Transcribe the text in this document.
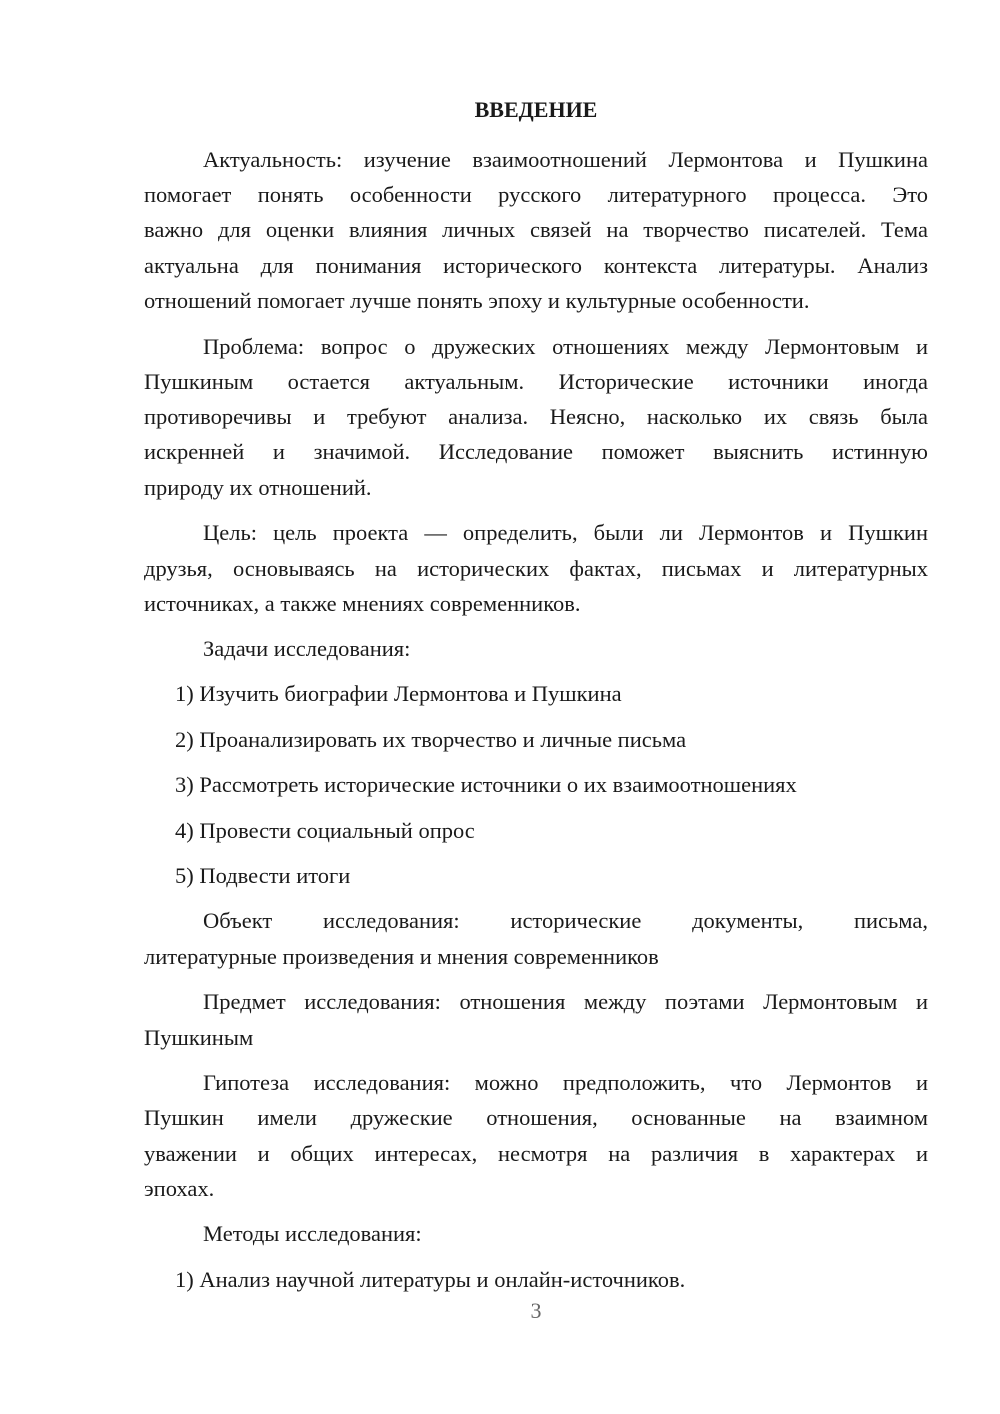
ВВЕДЕНИЕ
Актуальность: изучение взаимоотношений Лермонтова и Пушкина
помогает понять особенности русского литературного процесса. Это
важно для оценки влияния личных связей на творчество писателей. Тема
актуальна для понимания исторического контекста литературы. Анализ
отношений помогает лучше понять эпоху и культурные особенности.
Проблема: вопрос о дружеских отношениях между Лермонтовым и
Пушкиным остается актуальным. Исторические источники иногда
противоречивы и требуют анализа. Неясно, насколько их связь была
искренней и значимой. Исследование поможет выяснить истинную
природу их отношений.
Цель: цель проекта — определить, были ли Лермонтов и Пушкин
друзья, основываясь на исторических фактах, письмах и литературных
источниках, а также мнениях современников.
Задачи исследования:
1) Изучить биографии Лермонтова и Пушкина
2) Проанализировать их творчество и личные письма
3) Рассмотреть исторические источники о их взаимоотношениях
4) Провести социальный опрос
5) Подвести итоги
Объект исследования: исторические документы, письма,
литературные произведения и мнения современников
Предмет исследования: отношения между поэтами Лермонтовым и
Пушкиным
Гипотеза исследования: можно предположить, что Лермонтов и
Пушкин имели дружеские отношения, основанные на взаимном
уважении и общих интересах, несмотря на различия в характерах и
эпохах.
Методы исследования:
1) Анализ научной литературы и онлайн-источников.
3
